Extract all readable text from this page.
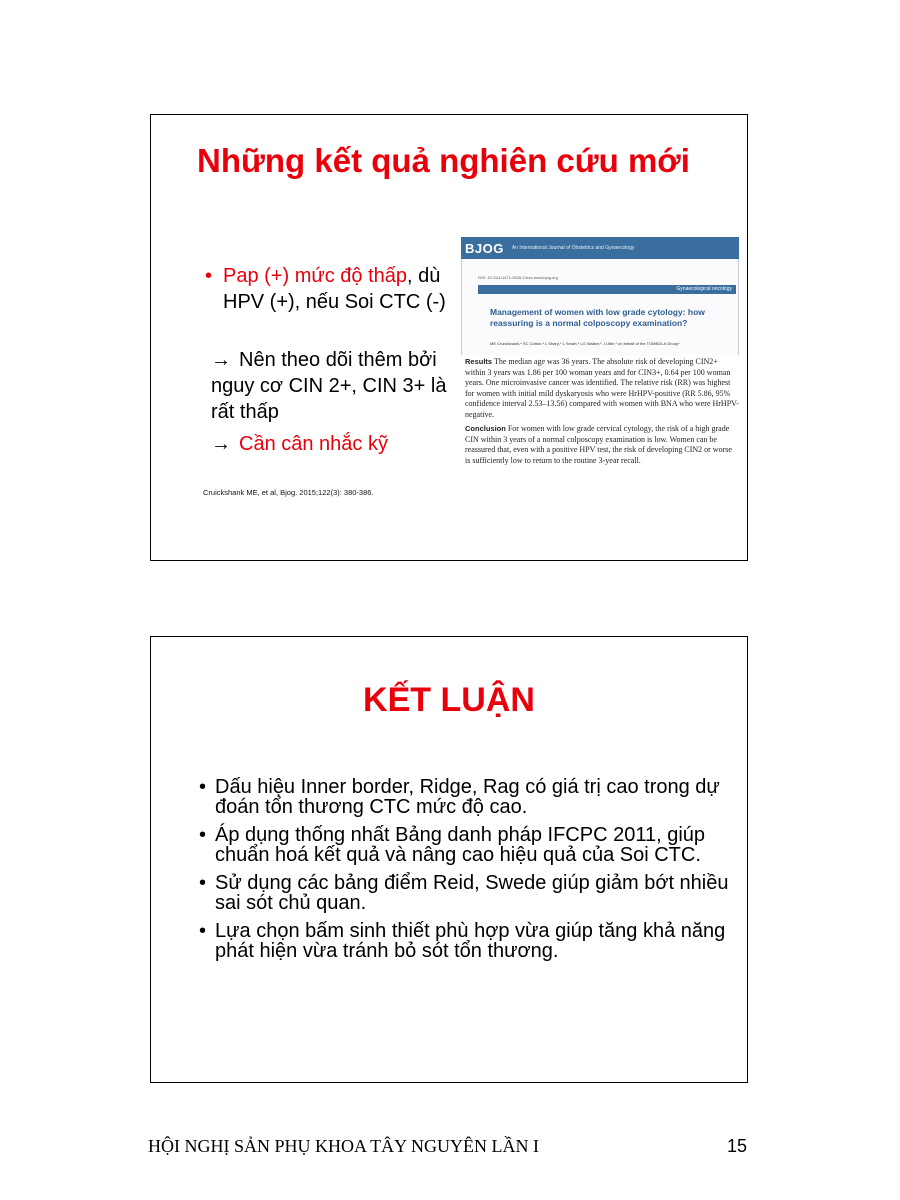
Những kết quả nghiên cứu mới
• Pap (+) mức độ thấp, dù HPV (+), nếu Soi CTC (-)
→ Nên theo dõi thêm bởi nguy cơ CIN 2+, CIN 3+ là rất thấp
→ Cần cân nhắc kỹ
Cruickshank ME, et al, Bjog. 2015;122(3): 380-386.
BJOG An International Journal of Obstetrics and Gynaecology
DOI: 10.1111/1471-0528.13xxx www.bjog.org
Gynaecological oncology
Management of women with low grade cytology: how reassuring is a normal colposcopy examination?
ME Cruickshank,* SC Cotton,* L Sharp,* L Smart,* LG Walker,* J Little,* on behalf of the TOMBOLA Group*

Results The median age was 36 years. The absolute risk of developing CIN2+ within 3 years was 1.86 per 100 woman years and for CIN3+, 0.64 per 100 woman years. One microinvasive cancer was identified. The relative risk (RR) was highest for women with initial mild dyskaryosis who were HrHPV-positive (RR 5.86, 95% confidence interval 2.53–13.56) compared with women with BNA who were HrHPV-negative.

Conclusion For women with low grade cervical cytology, the risk of a high grade CIN within 3 years of a normal colposcopy examination is low. Women can be reassured that, even with a positive HPV test, the risk of developing CIN2 or worse is sufficiently low to return to the routine 3-year recall.

KẾT LUẬN
• Dấu hiệu Inner border, Ridge, Rag có giá trị cao trong dự đoán tổn thương CTC mức độ cao.
• Áp dụng thống nhất Bảng danh pháp IFCPC 2011, giúp chuẩn hoá kết quả và nâng cao hiệu quả của Soi CTC.
• Sử dụng các bảng điểm Reid, Swede giúp giảm bớt nhiều sai sót chủ quan.
• Lựa chọn bấm sinh thiết phù hợp vừa giúp tăng khả năng phát hiện vừa tránh bỏ sót tổn thương.
HỘI NGHỊ SẢN PHỤ KHOA TÂY NGUYÊN LẦN I	15
